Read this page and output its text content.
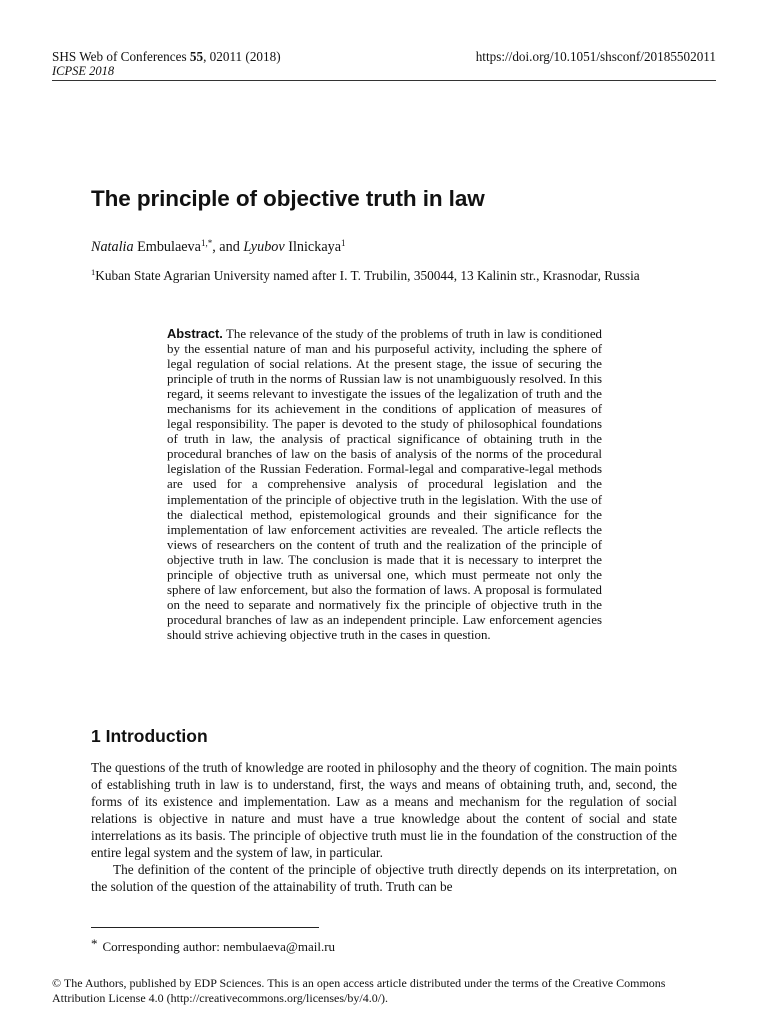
SHS Web of Conferences 55, 02011 (2018)	https://doi.org/10.1051/shsconf/20185502011
ICPSE 2018
The principle of objective truth in law
Natalia Embulaeva$^{1,*}$, and Lyubov Ilnickaya$^1$
$^1$Kuban State Agrarian University named after I. T. Trubilin, 350044, 13 Kalinin str., Krasnodar, Russia

Abstract. The relevance of the study of the problems of truth in law is conditioned by the essential nature of man and his purposeful activity, including the sphere of legal regulation of social relations. At the present stage, the issue of securing the principle of truth in the norms of Russian law is not unambiguously resolved. In this regard, it seems relevant to investigate the issues of the legalization of truth and the mechanisms for its achievement in the conditions of application of measures of legal responsibility. The paper is devoted to the study of philosophical foundations of truth in law, the analysis of practical significance of obtaining truth in the procedural branches of law on the basis of analysis of the norms of the procedural legislation of the Russian Federation. Formal-legal and comparative-legal methods are used for a comprehensive analysis of procedural legislation and the implementation of the principle of objective truth in the legislation. With the use of the dialectical method, epistemological grounds and their significance for the implementation of law enforcement activities are revealed. The article reflects the views of researchers on the content of truth and the realization of the principle of objective truth in law. The conclusion is made that it is necessary to interpret the principle of objective truth as universal one, which must permeate not only the sphere of law enforcement, but also the formation of laws. A proposal is formulated on the need to separate and normatively fix the principle of objective truth in the procedural branches of law as an independent principle. Law enforcement agencies should strive achieving objective truth in the cases in question.

1 Introduction

The questions of the truth of knowledge are rooted in philosophy and the theory of cognition. The main points of establishing truth in law is to understand, first, the ways and means of obtaining truth, and, second, the forms of its existence and implementation. Law as a means and mechanism for the regulation of social relations is objective in nature and must have a true knowledge about the content of social and state interrelations as its basis. The principle of objective truth must lie in the foundation of the construction of the entire legal system and the system of law, in particular.

The definition of the content of the principle of objective truth directly depends on its interpretation, on the solution of the question of the attainability of truth. Truth can be

* Corresponding author: nembulaeva@mail.ru
© The Authors, published by EDP Sciences. This is an open access article distributed under the terms of the Creative Commons Attribution License 4.0 (http://creativecommons.org/licenses/by/4.0/).
